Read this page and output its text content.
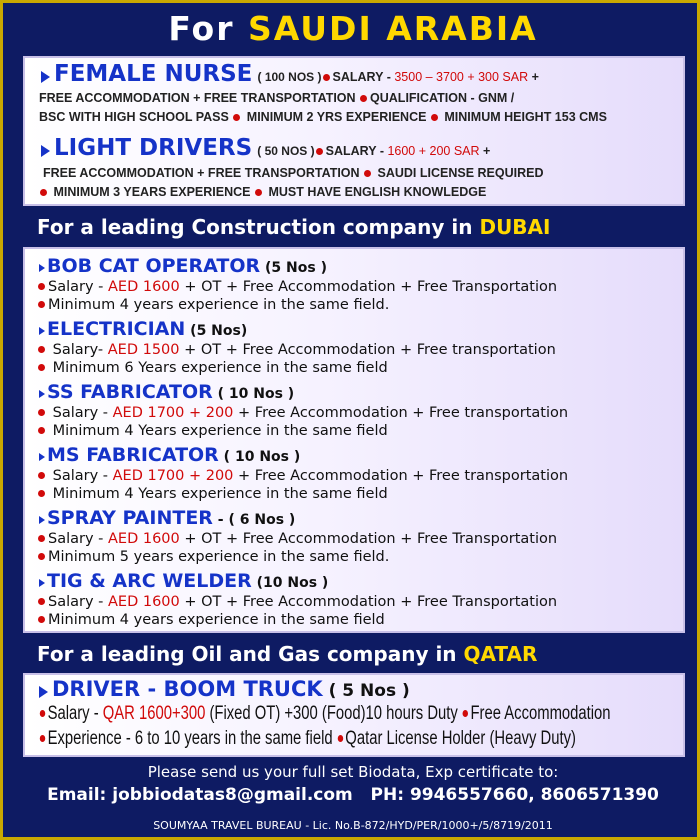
For SAUDI ARABIA
FEMALE NURSE ( 100 NOS ) SALARY - 3500 – 3700 + 300 SAR +
FREE ACCOMMODATION + FREE TRANSPORTATION QUALIFICATION - GNM /
BSC WITH HIGH SCHOOL PASS  MINIMUM 2 YRS EXPERIENCE  MINIMUM HEIGHT 153 CMS
LIGHT DRIVERS ( 50 NOS ) SALARY - 1600 + 200 SAR +
FREE ACCOMMODATION + FREE TRANSPORTATION  SAUDI LICENSE REQUIRED
MINIMUM 3 YEARS EXPERIENCE  MUST HAVE ENGLISH KNOWLEDGE
For a leading Construction company in DUBAI
BOB CAT OPERATOR (5 Nos )
Salary - AED 1600 + OT + Free Accommodation + Free Transportation
Minimum 4 years experience in the same field.
ELECTRICIAN (5 Nos)
Salary- AED 1500 + OT + Free Accommodation + Free transportation
Minimum 6 Years experience in the same field
SS FABRICATOR ( 10 Nos )
Salary - AED 1700 + 200 + Free Accommodation + Free transportation
Minimum 4 Years experience in the same field
MS FABRICATOR ( 10 Nos )
Salary - AED 1700 + 200 + Free Accommodation + Free transportation
Minimum 4 Years experience in the same field
SPRAY PAINTER - ( 6 Nos )
Salary - AED 1600 + OT + Free Accommodation + Free Transportation
Minimum 5 years experience in the same field.
TIG & ARC WELDER (10 Nos )
Salary - AED 1600 + OT + Free Accommodation + Free Transportation
Minimum 4 years experience in the same field
For a leading Oil and Gas company in QATAR
DRIVER - BOOM TRUCK ( 5 Nos )
Salary - QAR 1600+300 (Fixed OT) +300 (Food)10 hours Duty Free Accommodation
Experience - 6 to 10 years in the same field Qatar License Holder (Heavy Duty)
Please send us your full set Biodata, Exp certificate to:
Email: jobbiodatas8@gmail.com PH: 9946557660, 8606571390
SOUMYAA TRAVEL BUREAU - Lic. No.B-872/HYD/PER/1000+/5/8719/2011
